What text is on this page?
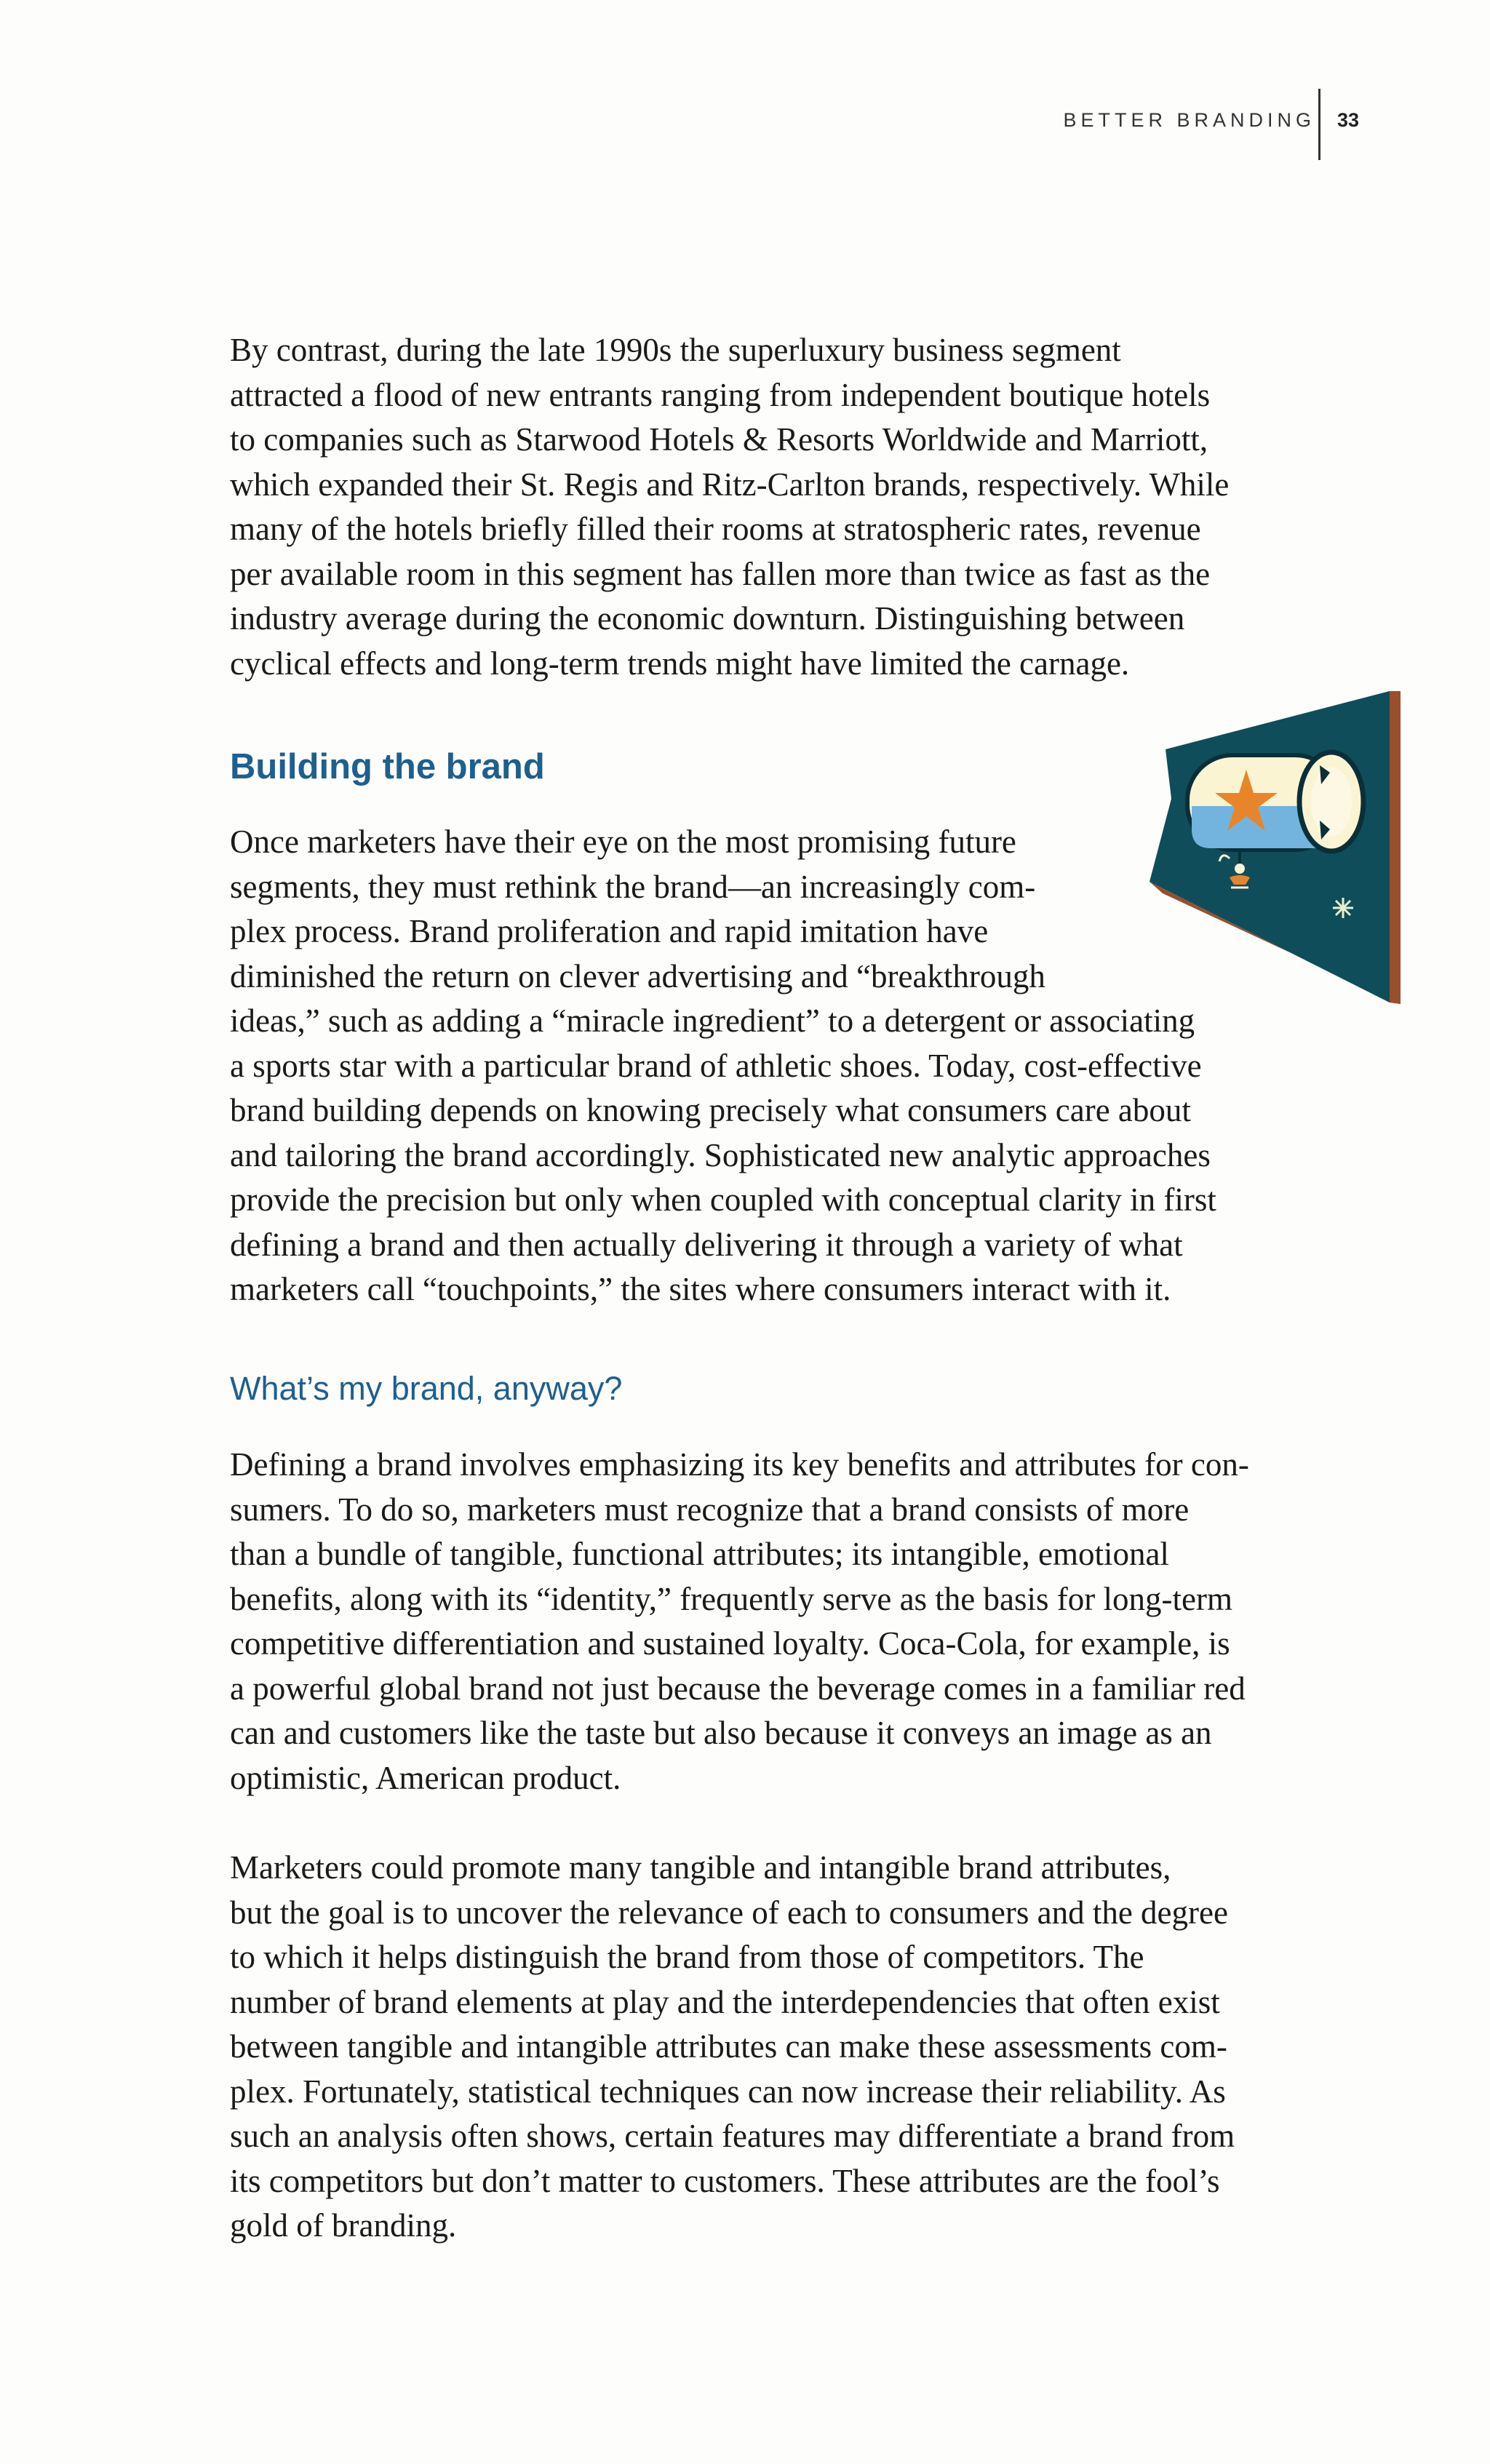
BETTER BRANDING 33
By contrast, during the late 1990s the superluxury business segment
attracted a flood of new entrants ranging from independent boutique hotels
to companies such as Starwood Hotels & Resorts Worldwide and Marriott,
which expanded their St. Regis and Ritz-Carlton brands, respectively. While
many of the hotels briefly filled their rooms at stratospheric rates, revenue
per available room in this segment has fallen more than twice as fast as the
industry average during the economic downturn. Distinguishing between
cyclical effects and long-term trends might have limited the carnage.
Building the brand
Once marketers have their eye on the most promising future
segments, they must rethink the brand—an increasingly com-
plex process. Brand proliferation and rapid imitation have
diminished the return on clever advertising and “breakthrough
ideas,” such as adding a “miracle ingredient” to a detergent or associating
a sports star with a particular brand of athletic shoes. Today, cost-effective
brand building depends on knowing precisely what consumers care about
and tailoring the brand accordingly. Sophisticated new analytic approaches
provide the precision but only when coupled with conceptual clarity in first
defining a brand and then actually delivering it through a variety of what
marketers call “touchpoints,” the sites where consumers interact with it.
What’s my brand, anyway?
Defining a brand involves emphasizing its key benefits and attributes for con-
sumers. To do so, marketers must recognize that a brand consists of more
than a bundle of tangible, functional attributes; its intangible, emotional
benefits, along with its “identity,” frequently serve as the basis for long-term
competitive differentiation and sustained loyalty. Coca-Cola, for example, is
a powerful global brand not just because the beverage comes in a familiar red
can and customers like the taste but also because it conveys an image as an
optimistic, American product.
Marketers could promote many tangible and intangible brand attributes,
but the goal is to uncover the relevance of each to consumers and the degree
to which it helps distinguish the brand from those of competitors. The
number of brand elements at play and the interdependencies that often exist
between tangible and intangible attributes can make these assessments com-
plex. Fortunately, statistical techniques can now increase their reliability. As
such an analysis often shows, certain features may differentiate a brand from
its competitors but don’t matter to customers. These attributes are the fool’s
gold of branding.
